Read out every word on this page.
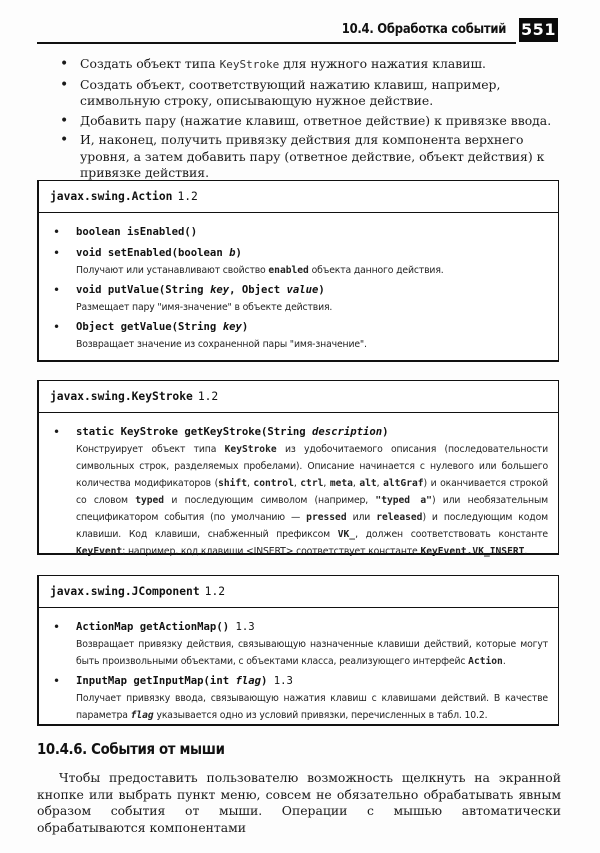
10.4. Обработка событий 551
• Создать объект типа KeyStroke для нужного нажатия клавиш.
• Создать объект, соответствующий нажатию клавиш, например, символьную строку, описывающую нужное действие.
• Добавить пару (нажатие клавиш, ответное действие) к привязке ввода.
• И, наконец, получить привязку действия для компонента верхнего уровня, а затем добавить пару (ответное действие, объект действия) к привязке действия.
javax.swing.Action 1.2
• boolean isEnabled()
• void setEnabled(boolean b)
Получают или устанавливают свойство enabled объекта данного действия.
• void putValue(String key, Object value)
Размещает пару "имя-значение" в объекте действия.
• Object getValue(String key)
Возвращает значение из сохраненной пары "имя-значение".
javax.swing.KeyStroke 1.2
• static KeyStroke getKeyStroke(String description)
Конструирует объект типа KeyStroke из удобочитаемого описания (последовательности символьных строк, разделяемых пробелами). Описание начинается с нулевого или большего количества модификаторов (shift, control, ctrl, meta, alt, altGraf) и оканчивается строкой со словом typed и последующим символом (например, "typed a") или необязательным спецификатором события (по умолчанию — pressed или released) и последующим кодом клавиши. Код клавиши, снабженный префиксом VK_, должен соответствовать константе KeyEvent; например, код клавиши <INSERT> соответствует константе KeyEvent.VK_INSERT.
javax.swing.JComponent 1.2
• ActionMap getActionMap() 1.3
Возвращает привязку действия, связывающую назначенные клавиши действий, которые могут быть произвольными объектами, с объектами класса, реализующего интерфейс Action.
• InputMap getInputMap(int flag) 1.3
Получает привязку ввода, связывающую нажатия клавиш с клавишами действий. В качестве параметра flag указывается одно из условий привязки, перечисленных в табл. 10.2.
10.4.6. События от мыши

Чтобы предоставить пользователю возможность щелкнуть на экранной кнопке или выбрать пункт меню, совсем не обязательно обрабатывать явным образом события от мыши. Операции с мышью автоматически обрабатываются компонентами
